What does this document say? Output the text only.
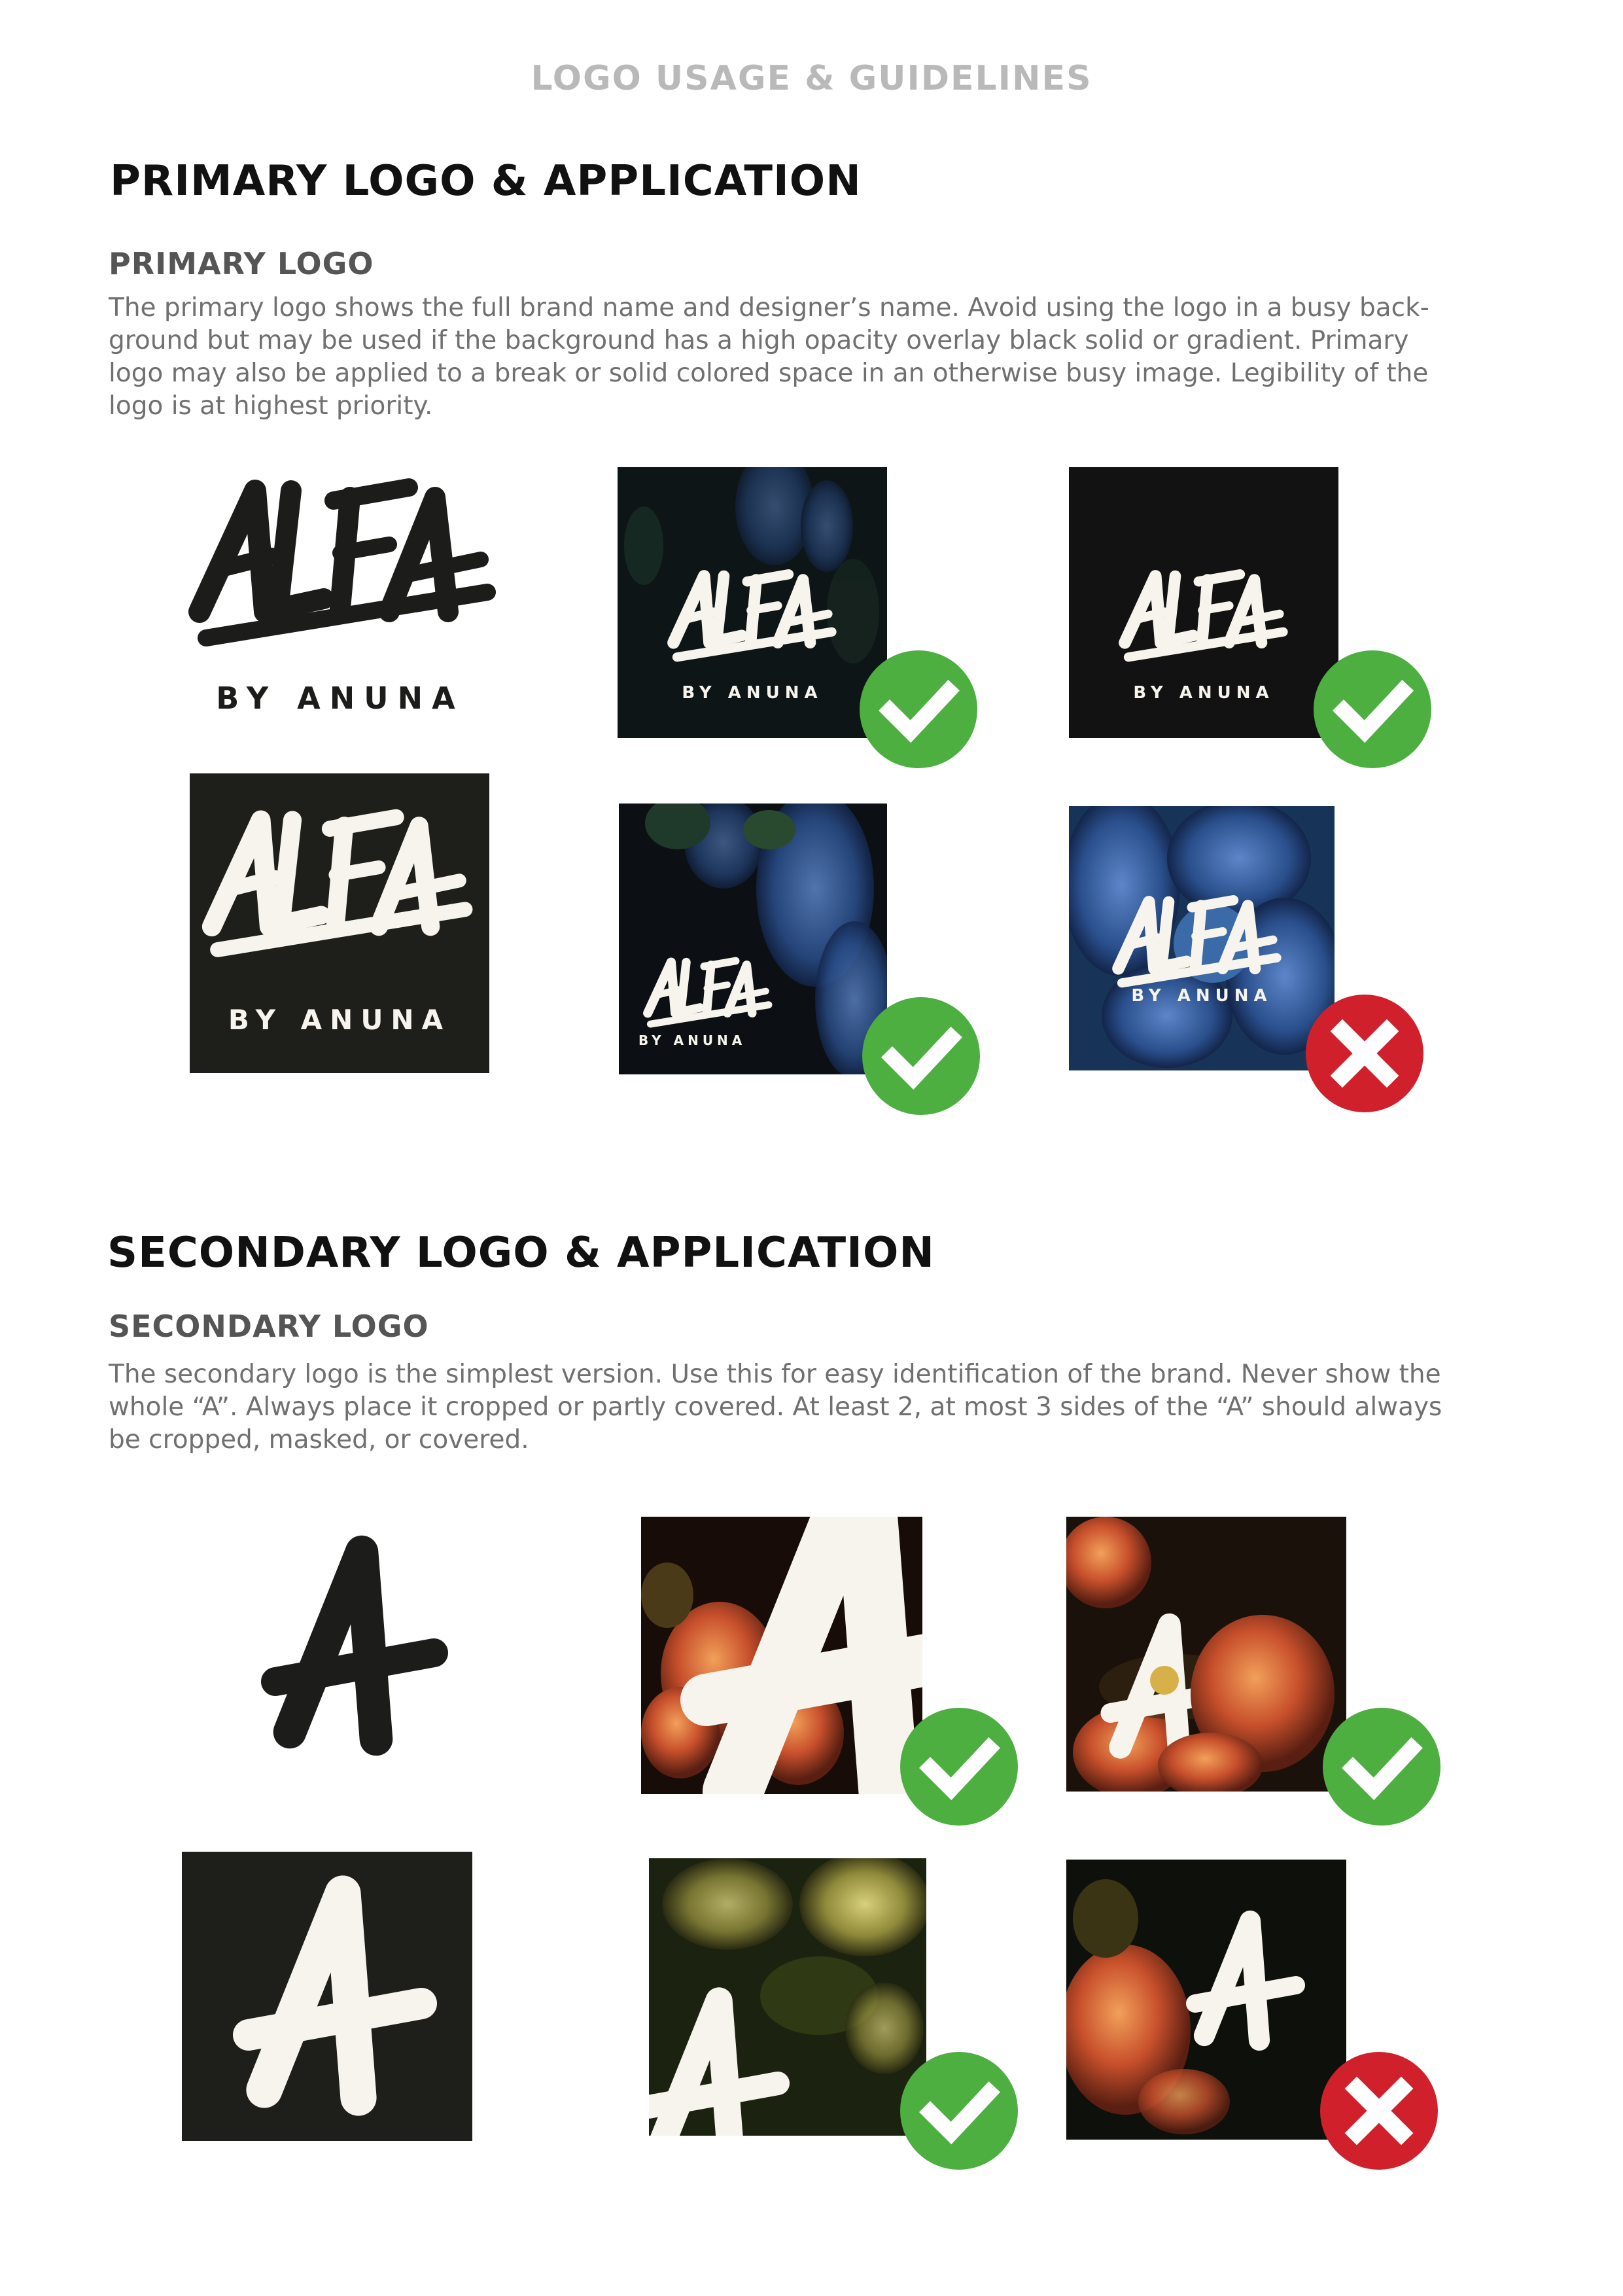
LOGO USAGE & GUIDELINES
PRIMARY LOGO & APPLICATION
PRIMARY LOGO

The primary logo shows the full brand name and designer’s name. Avoid using the logo in a busy back-

ground but may be used if the background has a high opacity overlay black solid or gradient. Primary

logo may also be applied to a break or solid colored space in an otherwise busy image. Legibility of the

logo is at highest priority.

BY ANUNA	BY ANUNA	BY ANUNA
BY ANUNA
BY ANUNA
BY ANUNA
SECONDARY LOGO & APPLICATION
SECONDARY LOGO

The secondary logo is the simplest version. Use this for easy identification of the brand. Never show the

whole “A”. Always place it cropped or partly covered. At least 2, at most 3 sides of the “A” should always

be cropped, masked, or covered.
